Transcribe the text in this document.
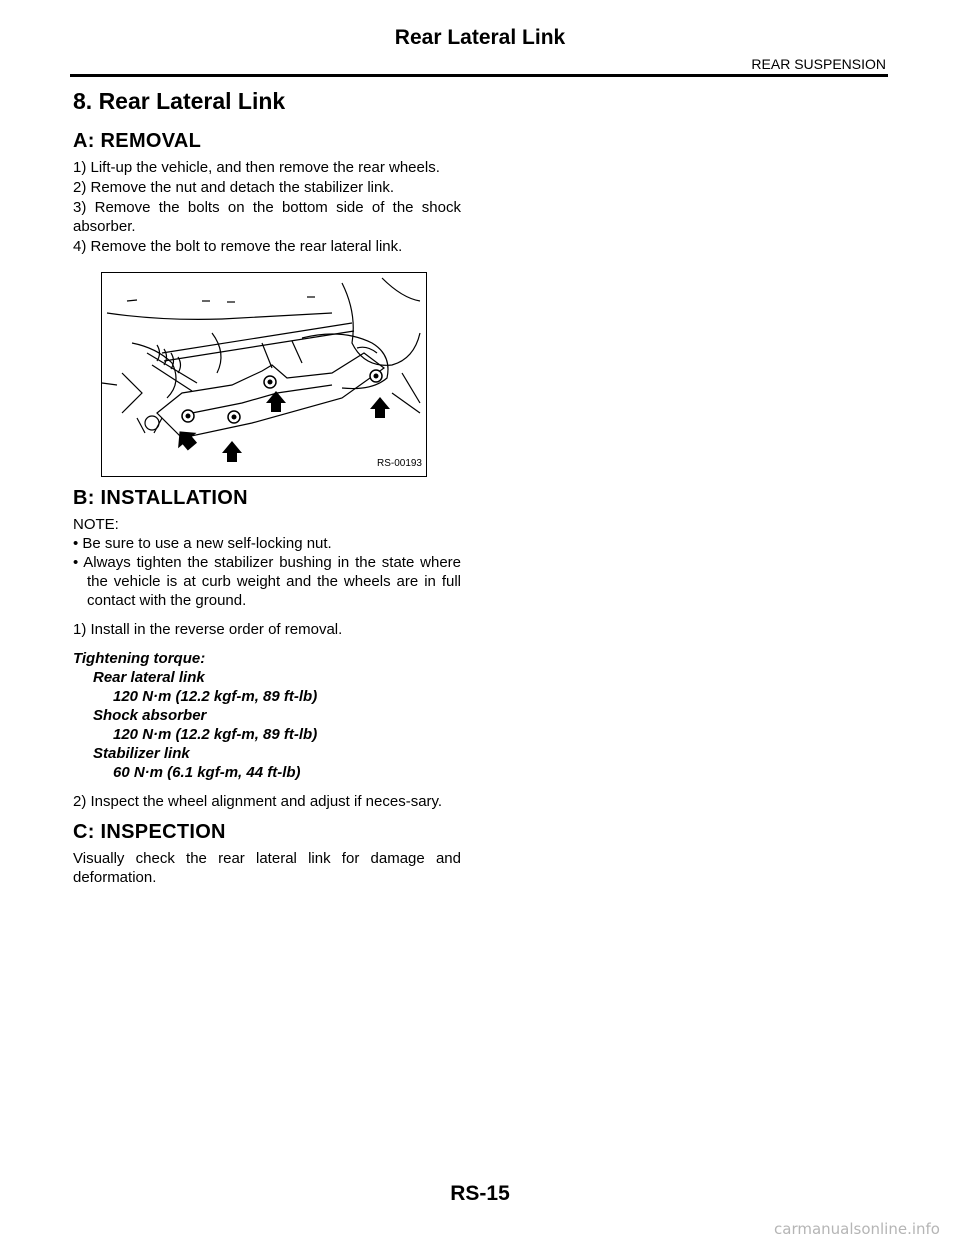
Rear Lateral Link
REAR SUSPENSION
8. Rear Lateral Link
A: REMOVAL

1) Lift-up the vehicle, and then remove the rear wheels.

2) Remove the nut and detach the stabilizer link.

3) Remove the bolts on the bottom side of the shock absorber.

4) Remove the bolt to remove the rear lateral link.

RS-00193
B: INSTALLATION

NOTE:

• Be sure to use a new self-locking nut.

• Always tighten the stabilizer bushing in the state where the vehicle is at curb weight and the wheels are in full contact with the ground.

1) Install in the reverse order of removal.

Tightening torque:

Rear lateral link

120 N·m (12.2 kgf-m, 89 ft-lb)

Shock absorber

120 N·m (12.2 kgf-m, 89 ft-lb)

Stabilizer link

60 N·m (6.1 kgf-m, 44 ft-lb)

2) Inspect the wheel alignment and adjust if neces-sary.

C: INSPECTION

Visually check the rear lateral link for damage and deformation.

RS-15
carmanualsonline.info
